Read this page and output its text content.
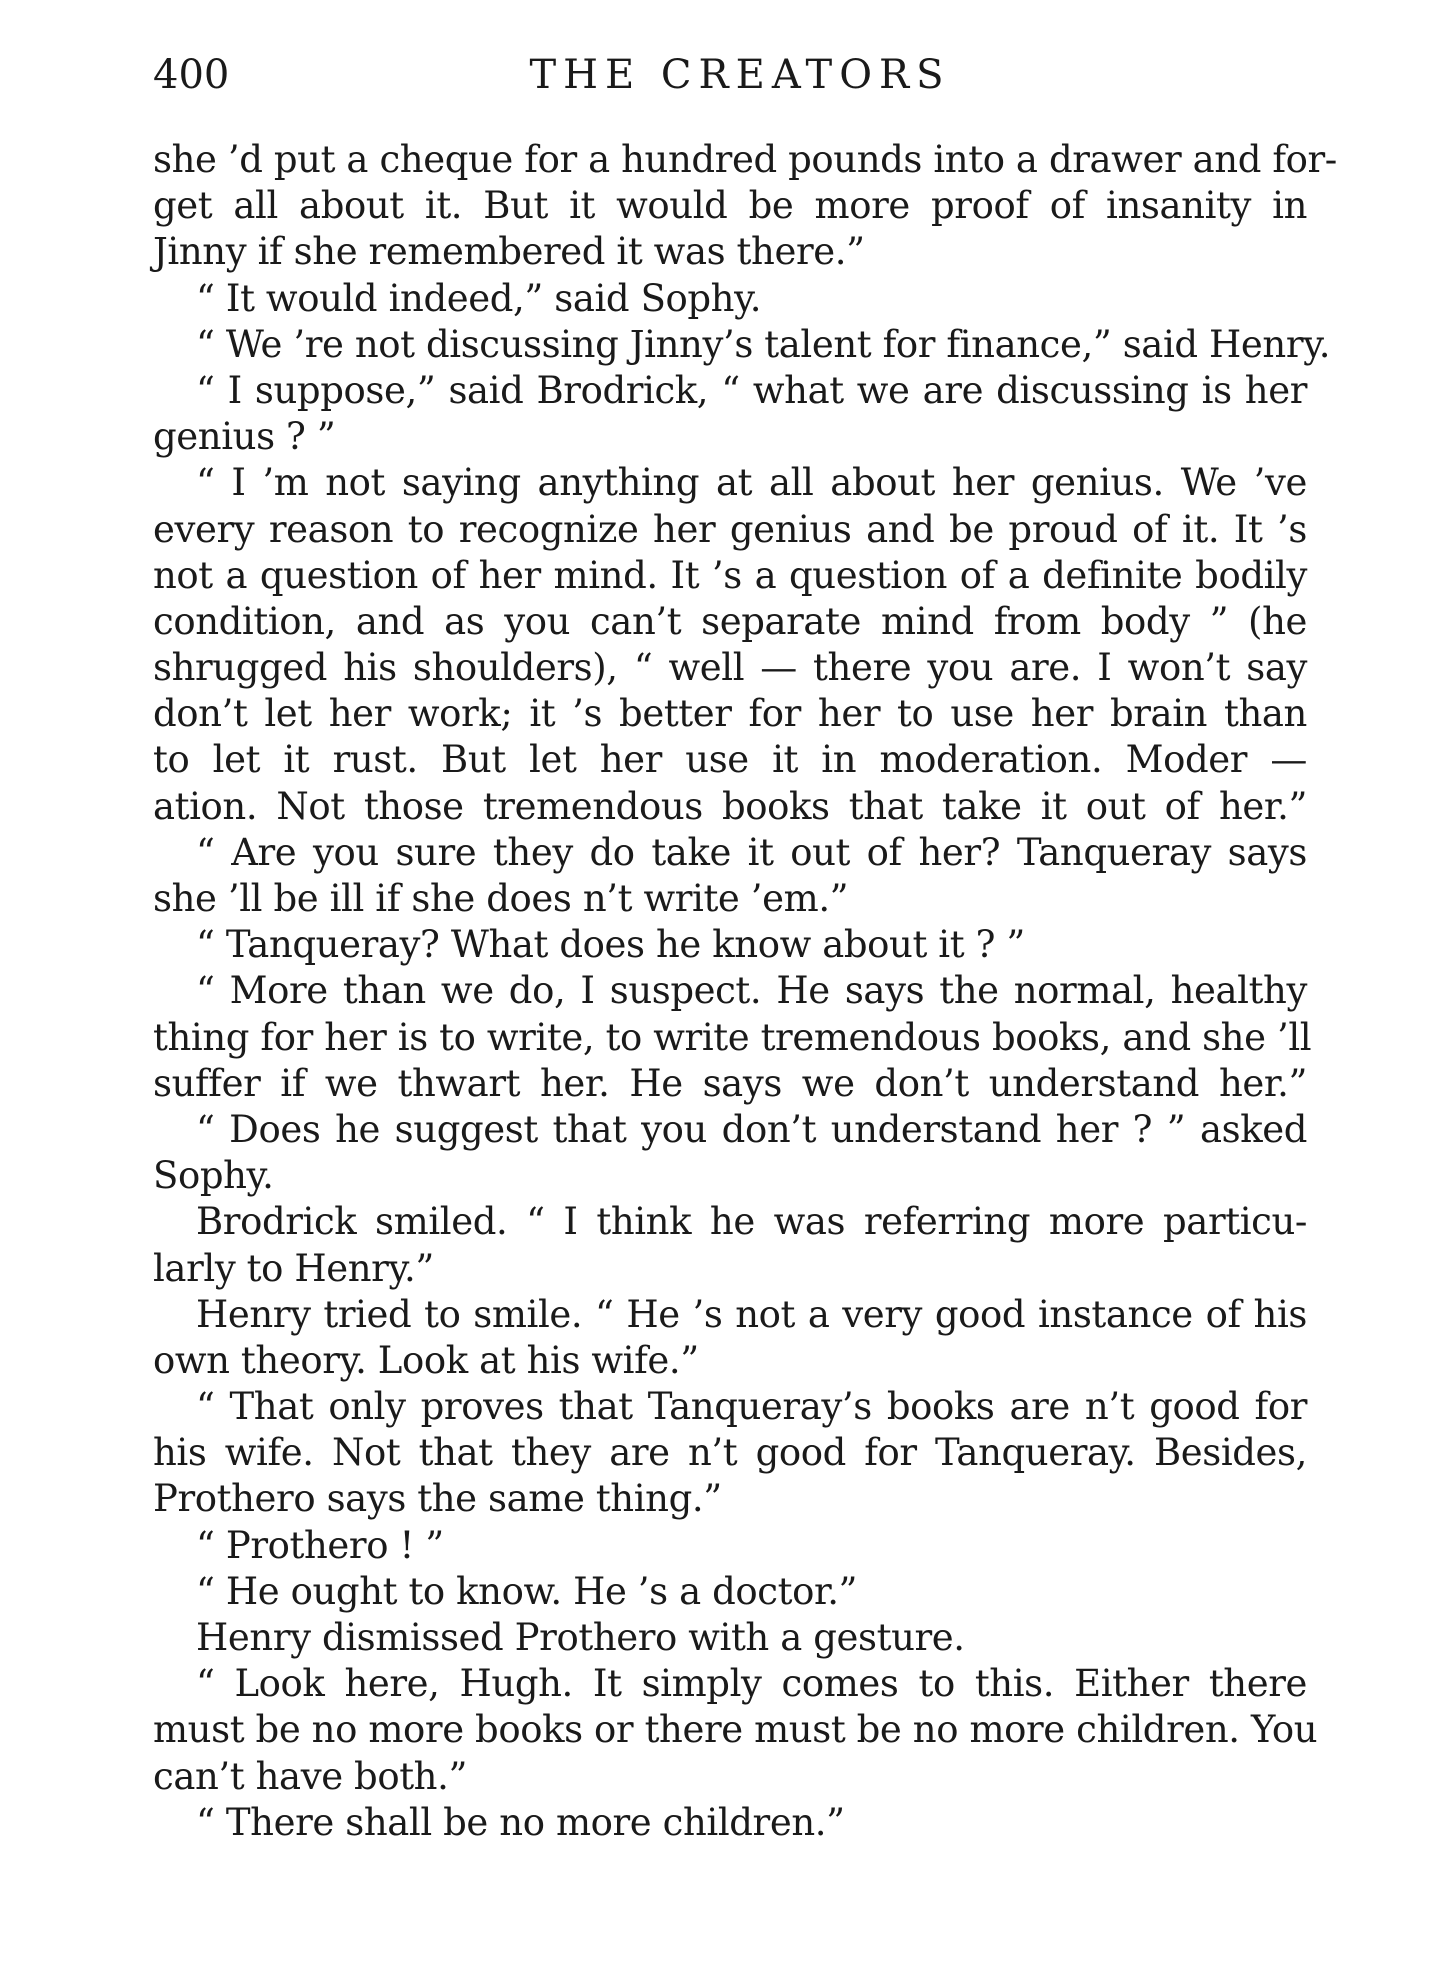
400	THE CREATORS
she ’d put a cheque for a hundred pounds into a drawer and for-
get all about it. But it would be more proof of insanity in
Jinny if she remembered it was there.”
“ It would indeed,” said Sophy.
“ We ’re not discussing Jinny’s talent for finance,” said Henry.
“ I suppose,” said Brodrick, “ what we are discussing is her
genius ? ”
“ I ’m not saying anything at all about her genius. We ’ve
every reason to recognize her genius and be proud of it. It ’s
not a question of her mind. It ’s a question of a definite bodily
condition, and as you can’t separate mind from body ” (he
shrugged his shoulders), “ well — there you are. I won’t say
don’t let her work; it ’s better for her to use her brain than
to let it rust. But let her use it in moderation. Moder —
ation. Not those tremendous books that take it out of her.”
“ Are you sure they do take it out of her? Tanqueray says
she ’ll be ill if she does n’t write ’em.”
“ Tanqueray? What does he know about it ? ”
“ More than we do, I suspect. He says the normal, healthy
thing for her is to write, to write tremendous books, and she ’ll
suffer if we thwart her. He says we don’t understand her.”
“ Does he suggest that you don’t understand her ? ” asked
Sophy.
Brodrick smiled. “ I think he was referring more particu-
larly to Henry.”
Henry tried to smile. “ He ’s not a very good instance of his
own theory. Look at his wife.”
“ That only proves that Tanqueray’s books are n’t good for
his wife. Not that they are n’t good for Tanqueray. Besides,
Prothero says the same thing.”
“ Prothero ! ”
“ He ought to know. He ’s a doctor.”
Henry dismissed Prothero with a gesture.
“ Look here, Hugh. It simply comes to this. Either there
must be no more books or there must be no more children. You
can’t have both.”
“ There shall be no more children.”
